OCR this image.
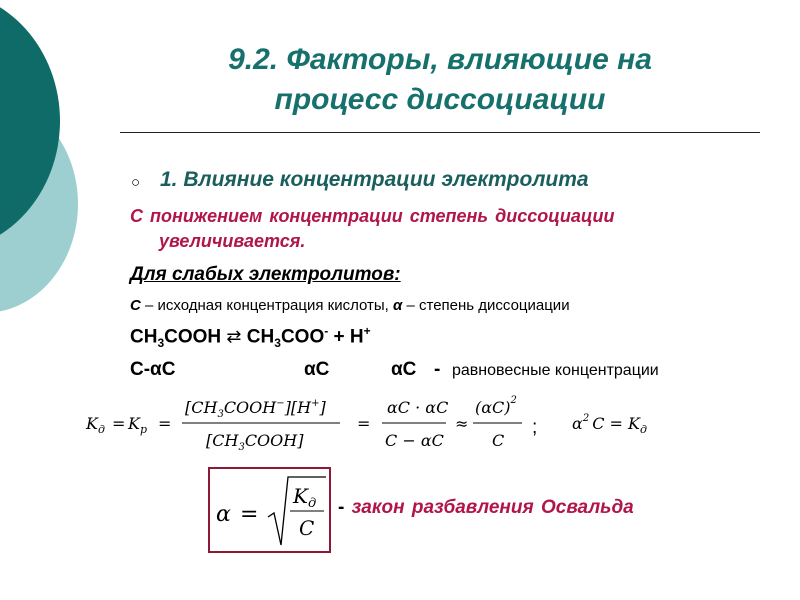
9.2. Факторы, влияющие на
процесс диссоциации
○ 1. Влияние концентрации электролита
С понижением концентрации степень диссоциации
увеличивается.
Для слабых электролитов:
С – исходная концентрация кислоты, α – степень диссоциации
$CH_3COOH$ ⇄ $CH_3COO^- + H^+$
С-αС	αС	αС - равновесные концентрации
$K_д = K_p$ =
$[CH_3COOH^-][H^+]$
$[CH_3COOH]$
=
αC · αC
C − αC
≈
$(\alpha C)^2$
C
; $\alpha^2$ $C = K_д$
α =
$K_д$
C
- закон разбавления Освальда
